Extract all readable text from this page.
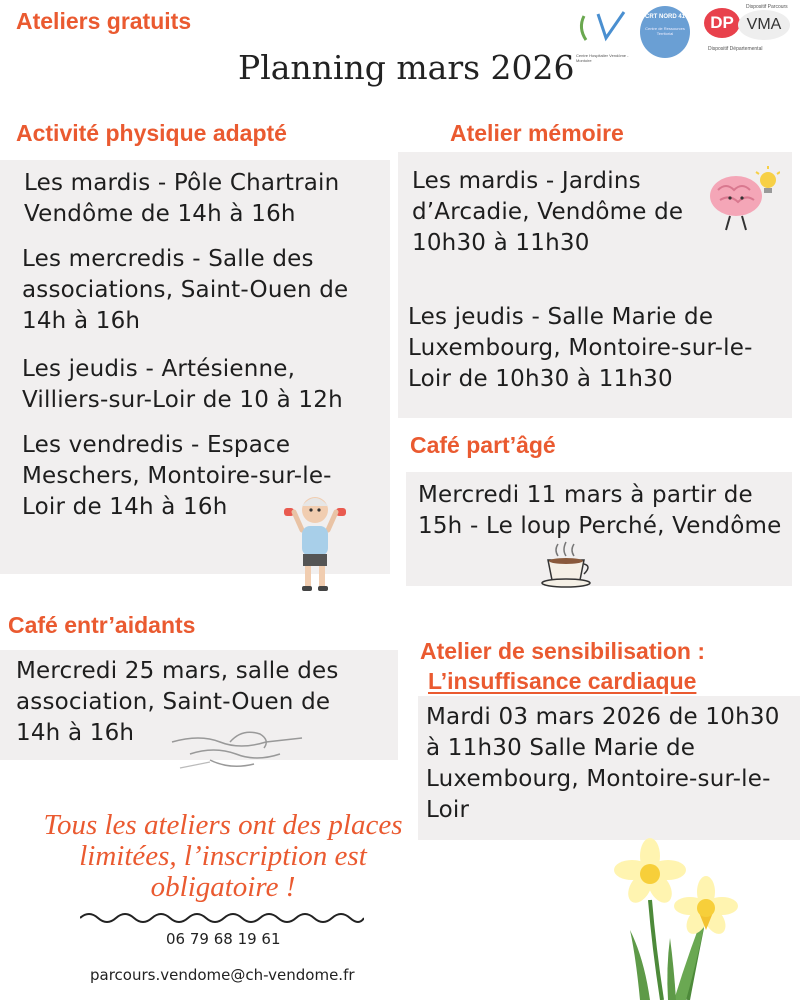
Ateliers gratuits
Planning mars 2026 Centre Hospitalier Vendôme - Montoire
CRT NORD 41
Centre de Ressources Territorial
Dispositif Parcours
DP VMA
Dispositif Départemental
Activité physique adapté
Les mardis - Pôle Chartrain Vendôme de 14h à 16h
Les mercredis - Salle des associations, Saint-Ouen de 14h à 16h
Les jeudis - Artésienne, Villiers-sur-Loir de 10 à 12h
Les vendredis - Espace Meschers, Montoire-sur-le-Loir de 14h à 16h
Atelier mémoire
Les mardis - Jardins d’Arcadie, Vendôme de 10h30 à 11h30
Les jeudis - Salle Marie de Luxembourg, Montoire-sur-le-Loir de 10h30 à 11h30
Café part’âgé
Mercredi 11 mars à partir de 15h - Le loup Perché, Vendôme
Café entr’aidants
Mercredi 25 mars, salle des association, Saint-Ouen de 14h à 16h
Atelier de sensibilisation :
L’insuffisance cardiaque
Mardi 03 mars 2026 de 10h30 à 11h30 Salle Marie de Luxembourg, Montoire-sur-le-Loir
Tous les ateliers ont des places limitées, l’inscription est obligatoire !
06 79 68 19 61
parcours.vendome@ch-vendome.fr
